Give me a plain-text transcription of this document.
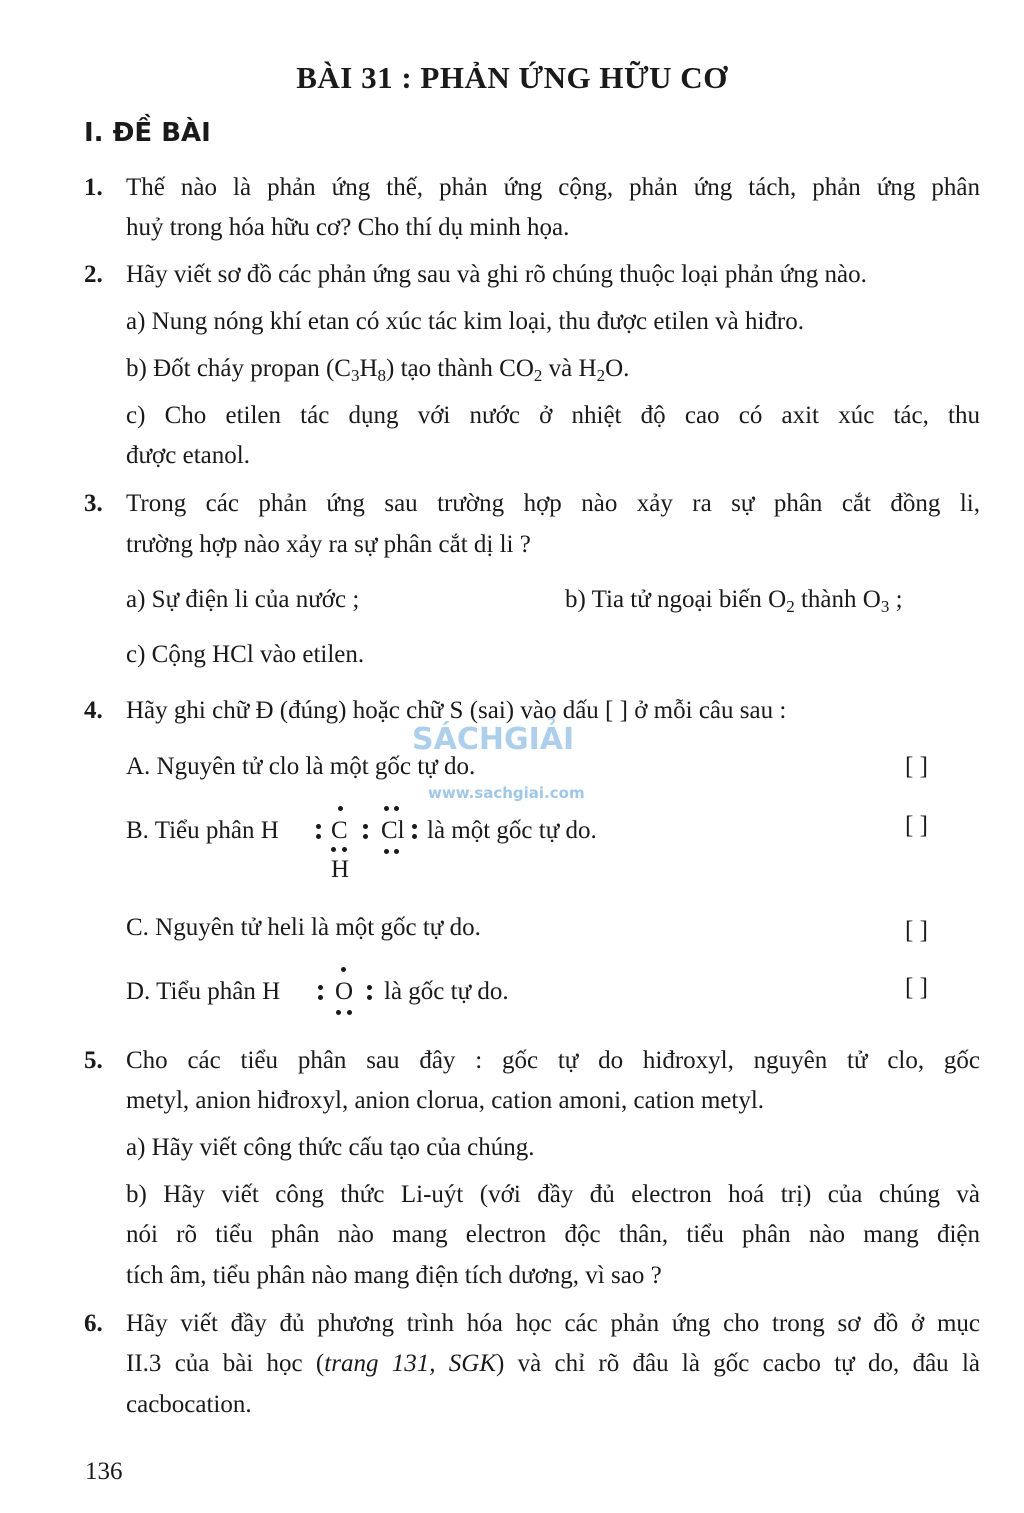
BÀI 31 : PHẢN ỨNG HỮU CƠ
I. ĐỀ BÀI
1. Thế nào là phản ứng thế, phản ứng cộng, phản ứng tách, phản ứng phân
huỷ trong hóa hữu cơ? Cho thí dụ minh họa.
2. Hãy viết sơ đồ các phản ứng sau và ghi rõ chúng thuộc loại phản ứng nào.
a) Nung nóng khí etan có xúc tác kim loại, thu được etilen và hiđro.
b) Đốt cháy propan $(C_3H_8)$ tạo thành $CO_2$ và $H_2O$.
c) Cho etilen tác dụng với nước ở nhiệt độ cao có axit xúc tác, thu
được etanol.
3. Trong các phản ứng sau trường hợp nào xảy ra sự phân cắt đồng li,
trường hợp nào xảy ra sự phân cắt dị li ?
a) Sự điện li của nước ;	b) Tia tử ngoại biến $O_2$ thành $O_3$ ;
c) Cộng HCl vào etilen.
4. Hãy ghi chữ Đ (đúng) hoặc chữ S (sai) vào dấu [ ] ở mỗi câu sau :
A. Nguyên tử clo là một gốc tự do.	[ ]
B. Tiểu phân H C Cl
H
là một gốc tự do.	[ ]
C. Nguyên tử heli là một gốc tự do.	[ ]
D. Tiểu phân H O là gốc tự do.	[ ]
5. Cho các tiểu phân sau đây : gốc tự do hiđroxyl, nguyên tử clo, gốc
metyl, anion hiđroxyl, anion clorua, cation amoni, cation metyl.
a) Hãy viết công thức cấu tạo của chúng.
b) Hãy viết công thức Li-uýt (với đầy đủ electron hoá trị) của chúng và
nói rõ tiểu phân nào mang electron độc thân, tiểu phân nào mang điện
tích âm, tiểu phân nào mang điện tích dương, vì sao ?
6. Hãy viết đầy đủ phương trình hóa học các phản ứng cho trong sơ đồ ở mục
II.3 của bài học (trang 131, SGK) và chỉ rõ đâu là gốc cacbo tự do, đâu là
cacbocation.
SÁCHGIẢI
www.sachgiai.com
136
